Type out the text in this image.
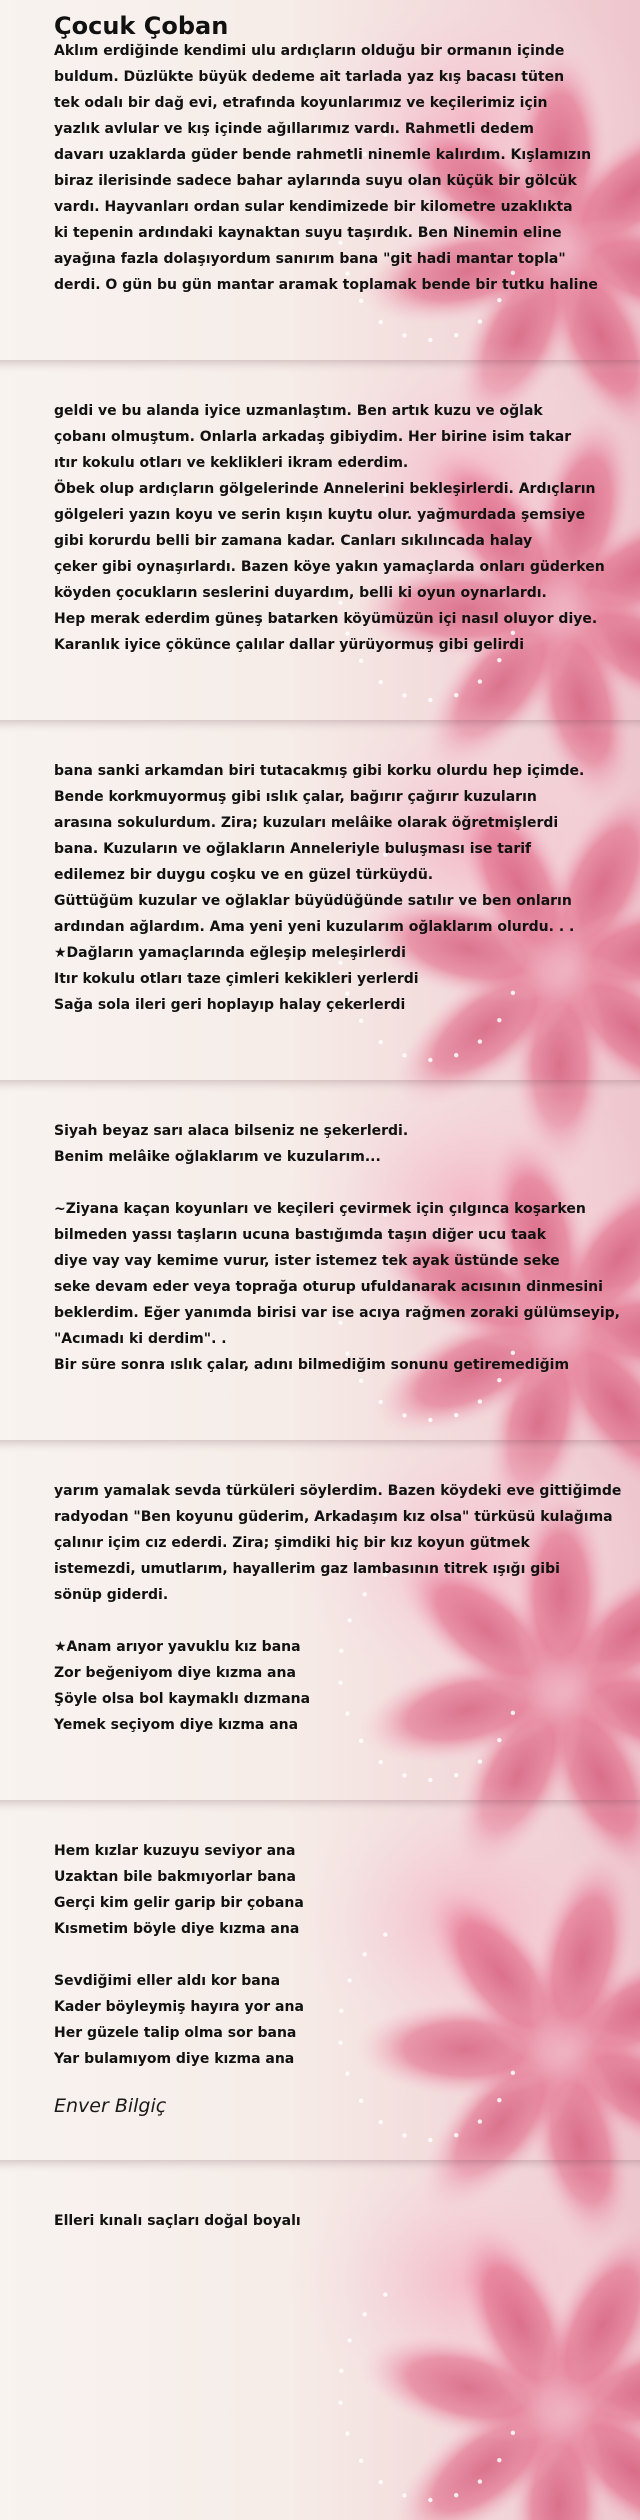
Çocuk Çoban
Aklım erdiğinde kendimi ulu ardıçların olduğu bir ormanın içinde
buldum. Düzlükte büyük dedeme ait tarlada yaz kış bacası tüten
tek odalı bir dağ evi, etrafında koyunlarımız ve keçilerimiz için
yazlık avlular ve kış içinde ağıllarımız vardı. Rahmetli dedem
davarı uzaklarda güder bende rahmetli ninemle kalırdım. Kışlamızın
biraz ilerisinde sadece bahar aylarında suyu olan küçük bir gölcük
vardı. Hayvanları ordan sular kendimizede bir kilometre uzaklıkta
ki tepenin ardındaki kaynaktan suyu taşırdık. Ben Ninemin eline
ayağına fazla dolaşıyordum sanırım bana "git hadi mantar topla"
derdi. O gün bu gün mantar aramak toplamak bende bir tutku haline
geldi ve bu alanda iyice uzmanlaştım. Ben artık kuzu ve oğlak
çobanı olmuştum. Onlarla arkadaş gibiydim. Her birine isim takar
ıtır kokulu otları ve keklikleri ikram ederdim.
Öbek olup ardıçların gölgelerinde Annelerini bekleşirlerdi. Ardıçların
gölgeleri yazın koyu ve serin kışın kuytu olur. yağmurdada şemsiye
gibi korurdu belli bir zamana kadar. Canları sıkılıncada halay
çeker gibi oynaşırlardı. Bazen köye yakın yamaçlarda onları güderken
köyden çocukların seslerini duyardım, belli ki oyun oynarlardı.
Hep merak ederdim güneş batarken köyümüzün içi nasıl oluyor diye.
Karanlık iyice çökünce çalılar dallar yürüyormuş gibi gelirdi
bana sanki arkamdan biri tutacakmış gibi korku olurdu hep içimde.
Bende korkmuyormuş gibi ıslık çalar, bağırır çağırır kuzuların
arasına sokulurdum. Zira; kuzuları melâike olarak öğretmişlerdi
bana. Kuzuların ve oğlakların Anneleriyle buluşması ise tarif
edilemez bir duygu coşku ve en güzel türküydü.
Güttüğüm kuzular ve oğlaklar büyüdüğünde satılır ve ben onların
ardından ağlardım. Ama yeni yeni kuzularım oğlaklarım olurdu. . .
★Dağların yamaçlarında eğleşip meleşirlerdi
Itır kokulu otları taze çimleri kekikleri yerlerdi
Sağa sola ileri geri hoplayıp halay çekerlerdi
Siyah beyaz sarı alaca bilseniz ne şekerlerdi.
Benim melâike oğlaklarım ve kuzularım...
~Ziyana kaçan koyunları ve keçileri çevirmek için çılgınca koşarken
bilmeden yassı taşların ucuna bastığımda taşın diğer ucu taak
diye vay vay kemime vurur, ister istemez tek ayak üstünde seke
seke devam eder veya toprağa oturup ufuldanarak acısının dinmesini
beklerdim. Eğer yanımda birisi var ise acıya rağmen zoraki gülümseyip,
"Acımadı ki derdim". .
Bir süre sonra ıslık çalar, adını bilmediğim sonunu getiremediğim
yarım yamalak sevda türküleri söylerdim. Bazen köydeki eve gittiğimde
radyodan "Ben koyunu güderim, Arkadaşım kız olsa" türküsü kulağıma
çalınır içim cız ederdi. Zira; şimdiki hiç bir kız koyun gütmek
istemezdi, umutlarım, hayallerim gaz lambasının titrek ışığı gibi
sönüp giderdi.
★Anam arıyor yavuklu kız bana
Zor beğeniyom diye kızma ana
Şöyle olsa bol kaymaklı dızmana
Yemek seçiyom diye kızma ana
Hem kızlar kuzuyu seviyor ana
Uzaktan bile bakmıyorlar bana
Gerçi kim gelir garip bir çobana
Kısmetim böyle diye kızma ana
Sevdiğimi eller aldı kor bana
Kader böyleymiş hayıra yor ana
Her güzele talip olma sor bana
Yar bulamıyom diye kızma ana
Elleri kınalı saçları doğal boyalı
Enver Bilgiç
